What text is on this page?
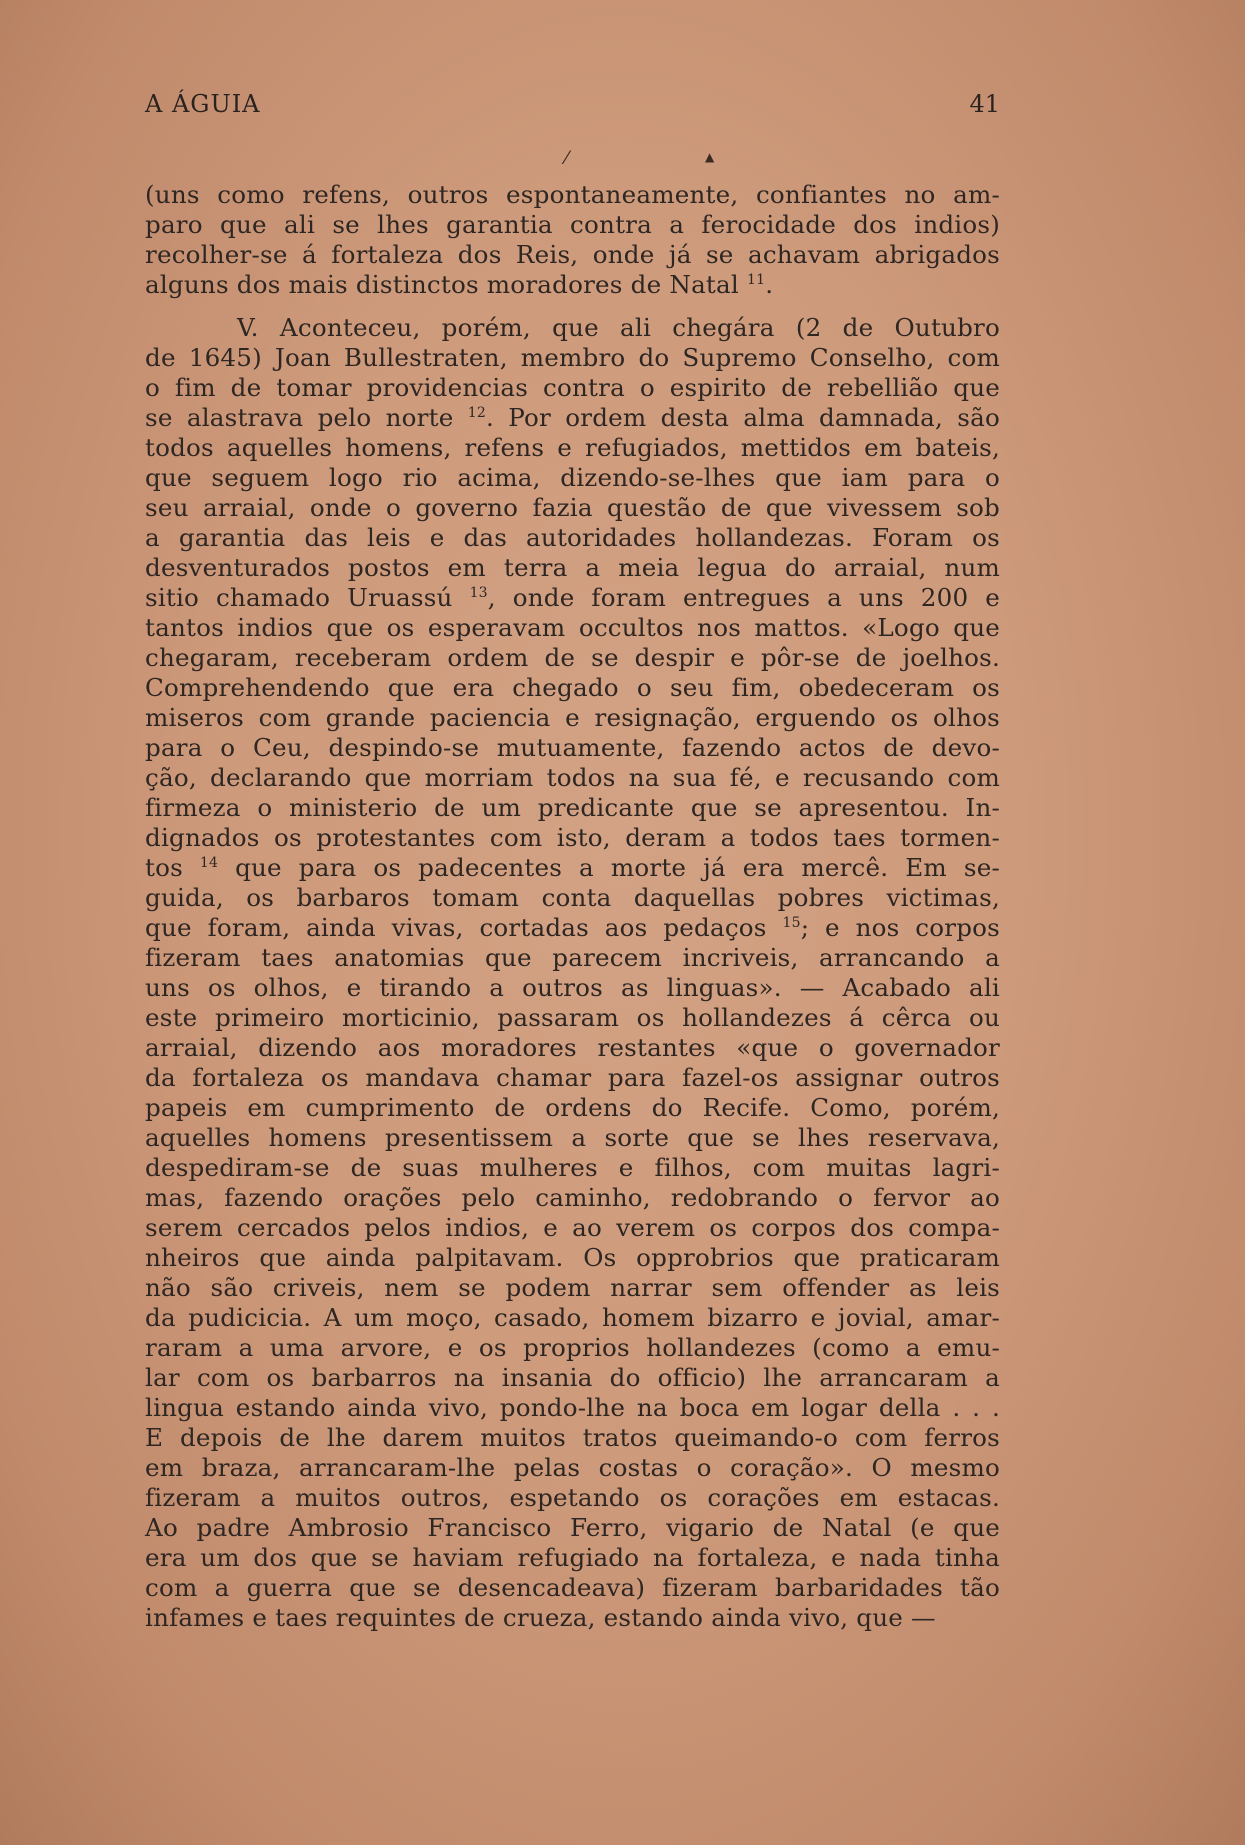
A ÁGUIA	41
⁄	▲
(uns como refens, outros espontaneamente, confiantes no am-
paro que ali se lhes garantia contra a ferocidade dos indios)
recolher-se á fortaleza dos Reis, onde já se achavam abrigados
alguns dos mais distinctos moradores de Natal $^{11}$.
V. Aconteceu, porém, que ali chegára (2 de Outubro
de 1645) Joan Bullestraten, membro do Supremo Conselho, com
o fim de tomar providencias contra o espirito de rebellião que
se alastrava pelo norte $^{12}$. Por ordem desta alma damnada, são
todos aquelles homens, refens e refugiados, mettidos em bateis,
que seguem logo rio acima, dizendo-se-lhes que iam para o
seu arraial, onde o governo fazia questão de que vivessem sob
a garantia das leis e das autoridades hollandezas. Foram os
desventurados postos em terra a meia legua do arraial, num
sitio chamado Uruassú $^{13}$, onde foram entregues a uns 200 e
tantos indios que os esperavam occultos nos mattos. «Logo que
chegaram, receberam ordem de se despir e pôr-se de joelhos.
Comprehendendo que era chegado o seu fim, obedeceram os
miseros com grande paciencia e resignação, erguendo os olhos
para o Ceu, despindo-se mutuamente, fazendo actos de devo-
ção, declarando que morriam todos na sua fé, e recusando com
firmeza o ministerio de um predicante que se apresentou. In-
dignados os protestantes com isto, deram a todos taes tormen-
tos $^{14}$ que para os padecentes a morte já era mercê. Em se-
guida, os barbaros tomam conta daquellas pobres victimas,
que foram, ainda vivas, cortadas aos pedaços $^{15}$; e nos corpos
fizeram taes anatomias que parecem incriveis, arrancando a
uns os olhos, e tirando a outros as linguas». — Acabado ali
este primeiro morticinio, passaram os hollandezes á cêrca ou
arraial, dizendo aos moradores restantes «que o governador
da fortaleza os mandava chamar para fazel-os assignar outros
papeis em cumprimento de ordens do Recife. Como, porém,
aquelles homens presentissem a sorte que se lhes reservava,
despediram-se de suas mulheres e filhos, com muitas lagri-
mas, fazendo orações pelo caminho, redobrando o fervor ao
serem cercados pelos indios, e ao verem os corpos dos compa-
nheiros que ainda palpitavam. Os opprobrios que praticaram
não são criveis, nem se podem narrar sem offender as leis
da pudicicia. A um moço, casado, homem bizarro e jovial, amar-
raram a uma arvore, e os proprios hollandezes (como a emu-
lar com os barbarros na insania do officio) lhe arrancaram a
lingua estando ainda vivo, pondo-lhe na boca em logar della . . .
E depois de lhe darem muitos tratos queimando-o com ferros
em braza, arrancaram-lhe pelas costas o coração». O mesmo
fizeram a muitos outros, espetando os corações em estacas.
Ao padre Ambrosio Francisco Ferro, vigario de Natal (e que
era um dos que se haviam refugiado na fortaleza, e nada tinha
com a guerra que se desencadeava) fizeram barbaridades tão
infames e taes requintes de crueza, estando ainda vivo, que —
